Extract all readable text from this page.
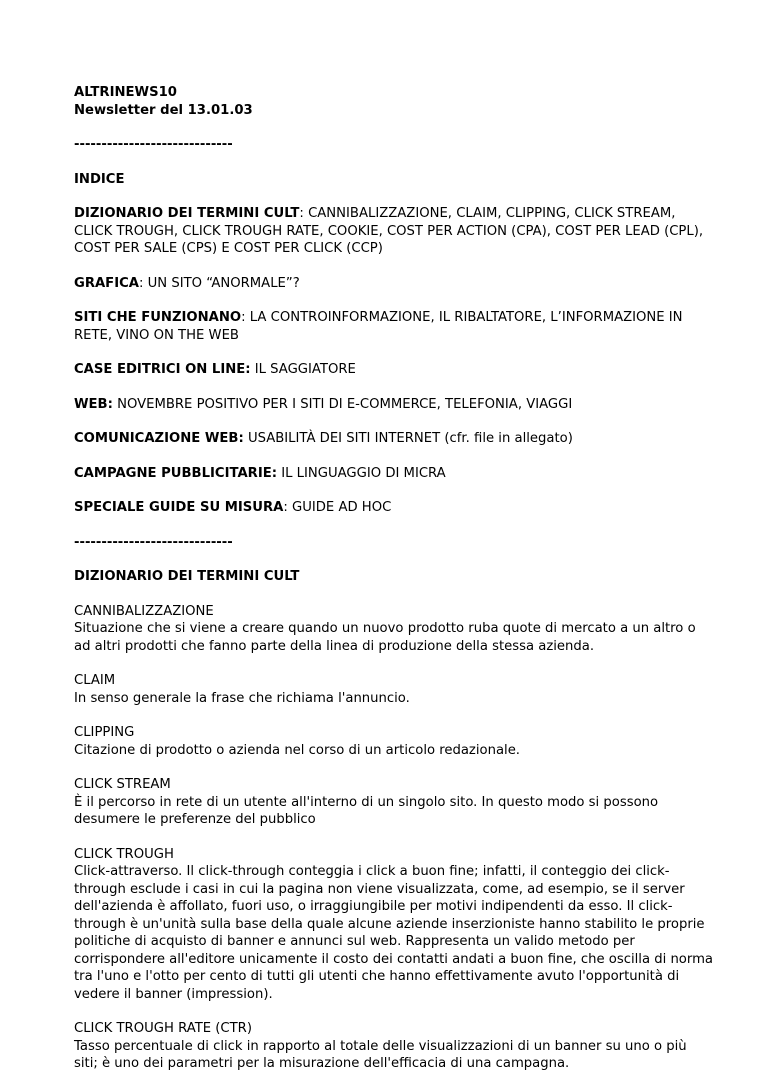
ALTRINEWS10
Newsletter del 13.01.03

-----------------------------

INDICE

DIZIONARIO DEI TERMINI CULT: CANNIBALIZZAZIONE, CLAIM, CLIPPING, CLICK STREAM, CLICK TROUGH, CLICK TROUGH RATE, COOKIE, COST PER ACTION (CPA), COST PER LEAD (CPL), COST PER SALE (CPS) E COST PER CLICK (CCP)

GRAFICA: UN SITO “ANORMALE”?

SITI CHE FUNZIONANO: LA CONTROINFORMAZIONE, IL RIBALTATORE, L’INFORMAZIONE IN RETE, VINO ON THE WEB

CASE EDITRICI ON LINE: IL SAGGIATORE

WEB: NOVEMBRE POSITIVO PER I SITI DI E-COMMERCE, TELEFONIA, VIAGGI

COMUNICAZIONE WEB: USABILITÀ DEI SITI INTERNET (cfr. file in allegato)

CAMPAGNE PUBBLICITARIE: IL LINGUAGGIO DI MICRA

SPECIALE GUIDE SU MISURA: GUIDE AD HOC

-----------------------------

DIZIONARIO DEI TERMINI CULT

CANNIBALIZZAZIONE
Situazione che si viene a creare quando un nuovo prodotto ruba quote di mercato a un altro o ad altri prodotti che fanno parte della linea di produzione della stessa azienda.

CLAIM
In senso generale la frase che richiama l'annuncio.

CLIPPING
Citazione di prodotto o azienda nel corso di un articolo redazionale.

CLICK STREAM
È il percorso in rete di un utente all'interno di un singolo sito. In questo modo si possono desumere le preferenze del pubblico

CLICK TROUGH
Click-attraverso. Il click-through conteggia i click a buon fine; infatti, il conteggio dei click-through esclude i casi in cui la pagina non viene visualizzata, come, ad esempio, se il server dell'azienda è affollato, fuori uso, o irraggiungibile per motivi indipendenti da esso. Il click-through è un'unità sulla base della quale alcune aziende inserzioniste hanno stabilito le proprie politiche di acquisto di banner e annunci sul web. Rappresenta un valido metodo per corrispondere all'editore unicamente il costo dei contatti andati a buon fine, che oscilla di norma tra l'uno e l'otto per cento di tutti gli utenti che hanno effettivamente avuto l'opportunità di vedere il banner (impression).

CLICK TROUGH RATE (CTR)
Tasso percentuale di click in rapporto al totale delle visualizzazioni di un banner su uno o più siti; è uno dei parametri per la misurazione dell'efficacia di una campagna.
